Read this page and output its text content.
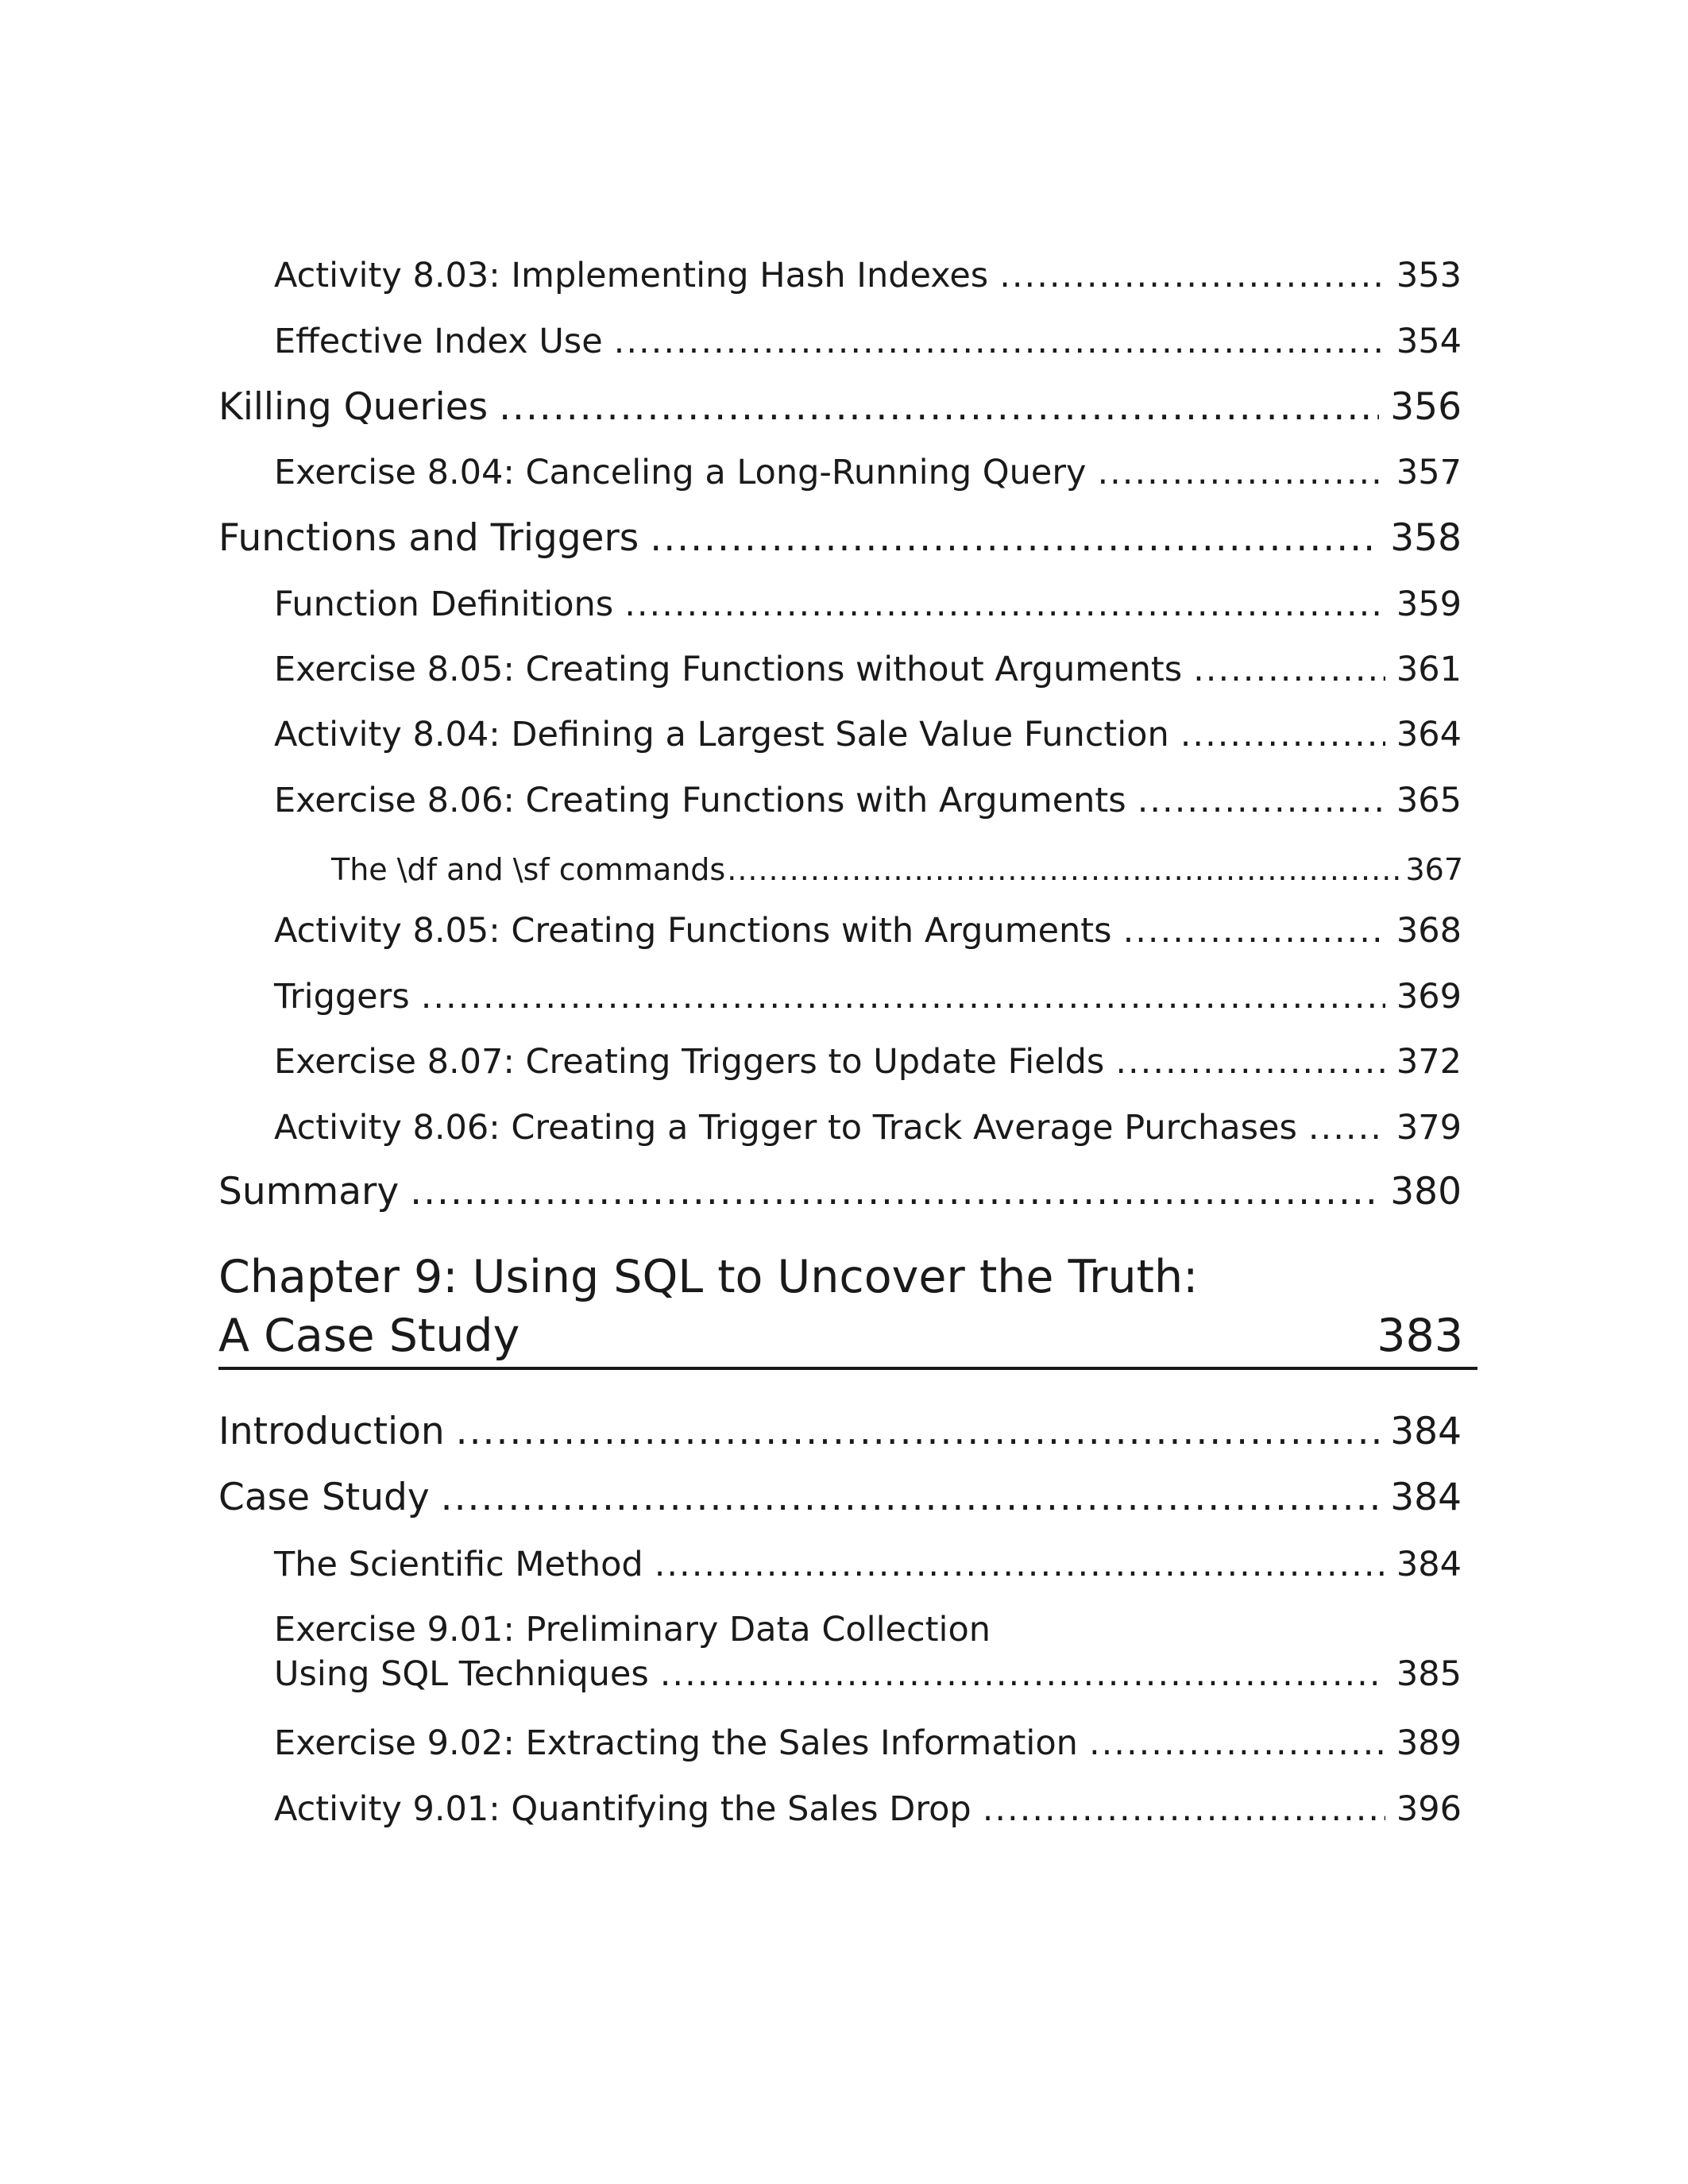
Activity 8.03: Implementing Hash Indexes .....	353
Effective Index Use .....	354
Killing Queries .....	356
Exercise 8.04: Canceling a Long-Running Query .....	357
Functions and Triggers .....	358
Function Definitions .....	359
Exercise 8.05: Creating Functions without Arguments .....	361
Activity 8.04: Defining a Largest Sale Value Function .....	364
Exercise 8.06: Creating Functions with Arguments .....	365
The \df and \sf commands .....	367
Activity 8.05: Creating Functions with Arguments .....	368
Triggers .....	369
Exercise 8.07: Creating Triggers to Update Fields .....	372
Activity 8.06: Creating a Trigger to Track Average Purchases .....	379
Summary .....	380
Chapter 9: Using SQL to Uncover the Truth:
A Case Study	383
Introduction .....	384
Case Study .....	384
The Scientific Method .....	384
Exercise 9.01: Preliminary Data Collection
Using SQL Techniques .....	385
Exercise 9.02: Extracting the Sales Information .....	389
Activity 9.01: Quantifying the Sales Drop .....	396
